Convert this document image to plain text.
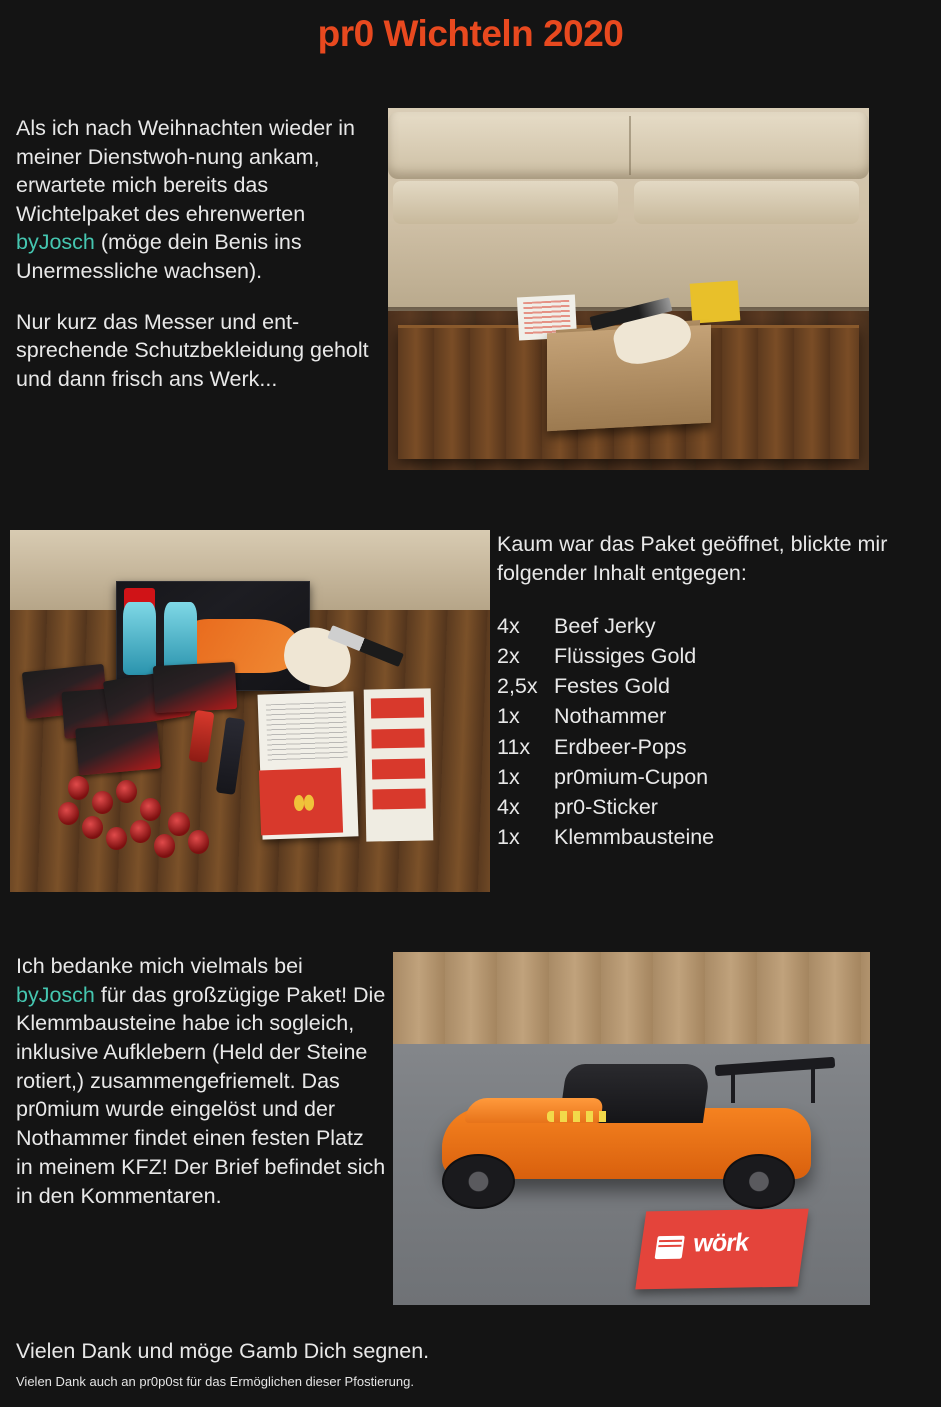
pr0 Wichteln 2020
Als ich nach Weihnachten wieder in meiner Dienstwoh-nung ankam, erwartete mich bereits das Wichtelpaket des ehrenwerten byJosch (möge dein Benis ins Unermessliche wachsen).
Nur kurz das Messer und ent-sprechende Schutzbekleidung geholt und dann frisch ans Werk...
Kaum war das Paket geöffnet, blickte mir folgender Inhalt entgegen:
4x	Beef Jerky
2x	Flüssiges Gold
2,5x Festes Gold
1x	Nothammer
11x	Erdbeer-Pops
1x	pr0mium-Cupon
4x	pr0-Sticker
1x	Klemmbausteine
Ich bedanke mich vielmals bei byJosch für das großzügige Paket! Die Klemmbausteine habe ich sogleich, inklusive Aufklebern (Held der Steine rotiert,) zusammengefriemelt. Das pr0mium wurde eingelöst und der Nothammer findet einen festen Platz in meinem KFZ! Der Brief befindet sich in den Kommentaren.
wörk
Vielen Dank und möge Gamb Dich segnen.
Vielen Dank auch an pr0p0st für das Ermöglichen dieser Pfostierung.
